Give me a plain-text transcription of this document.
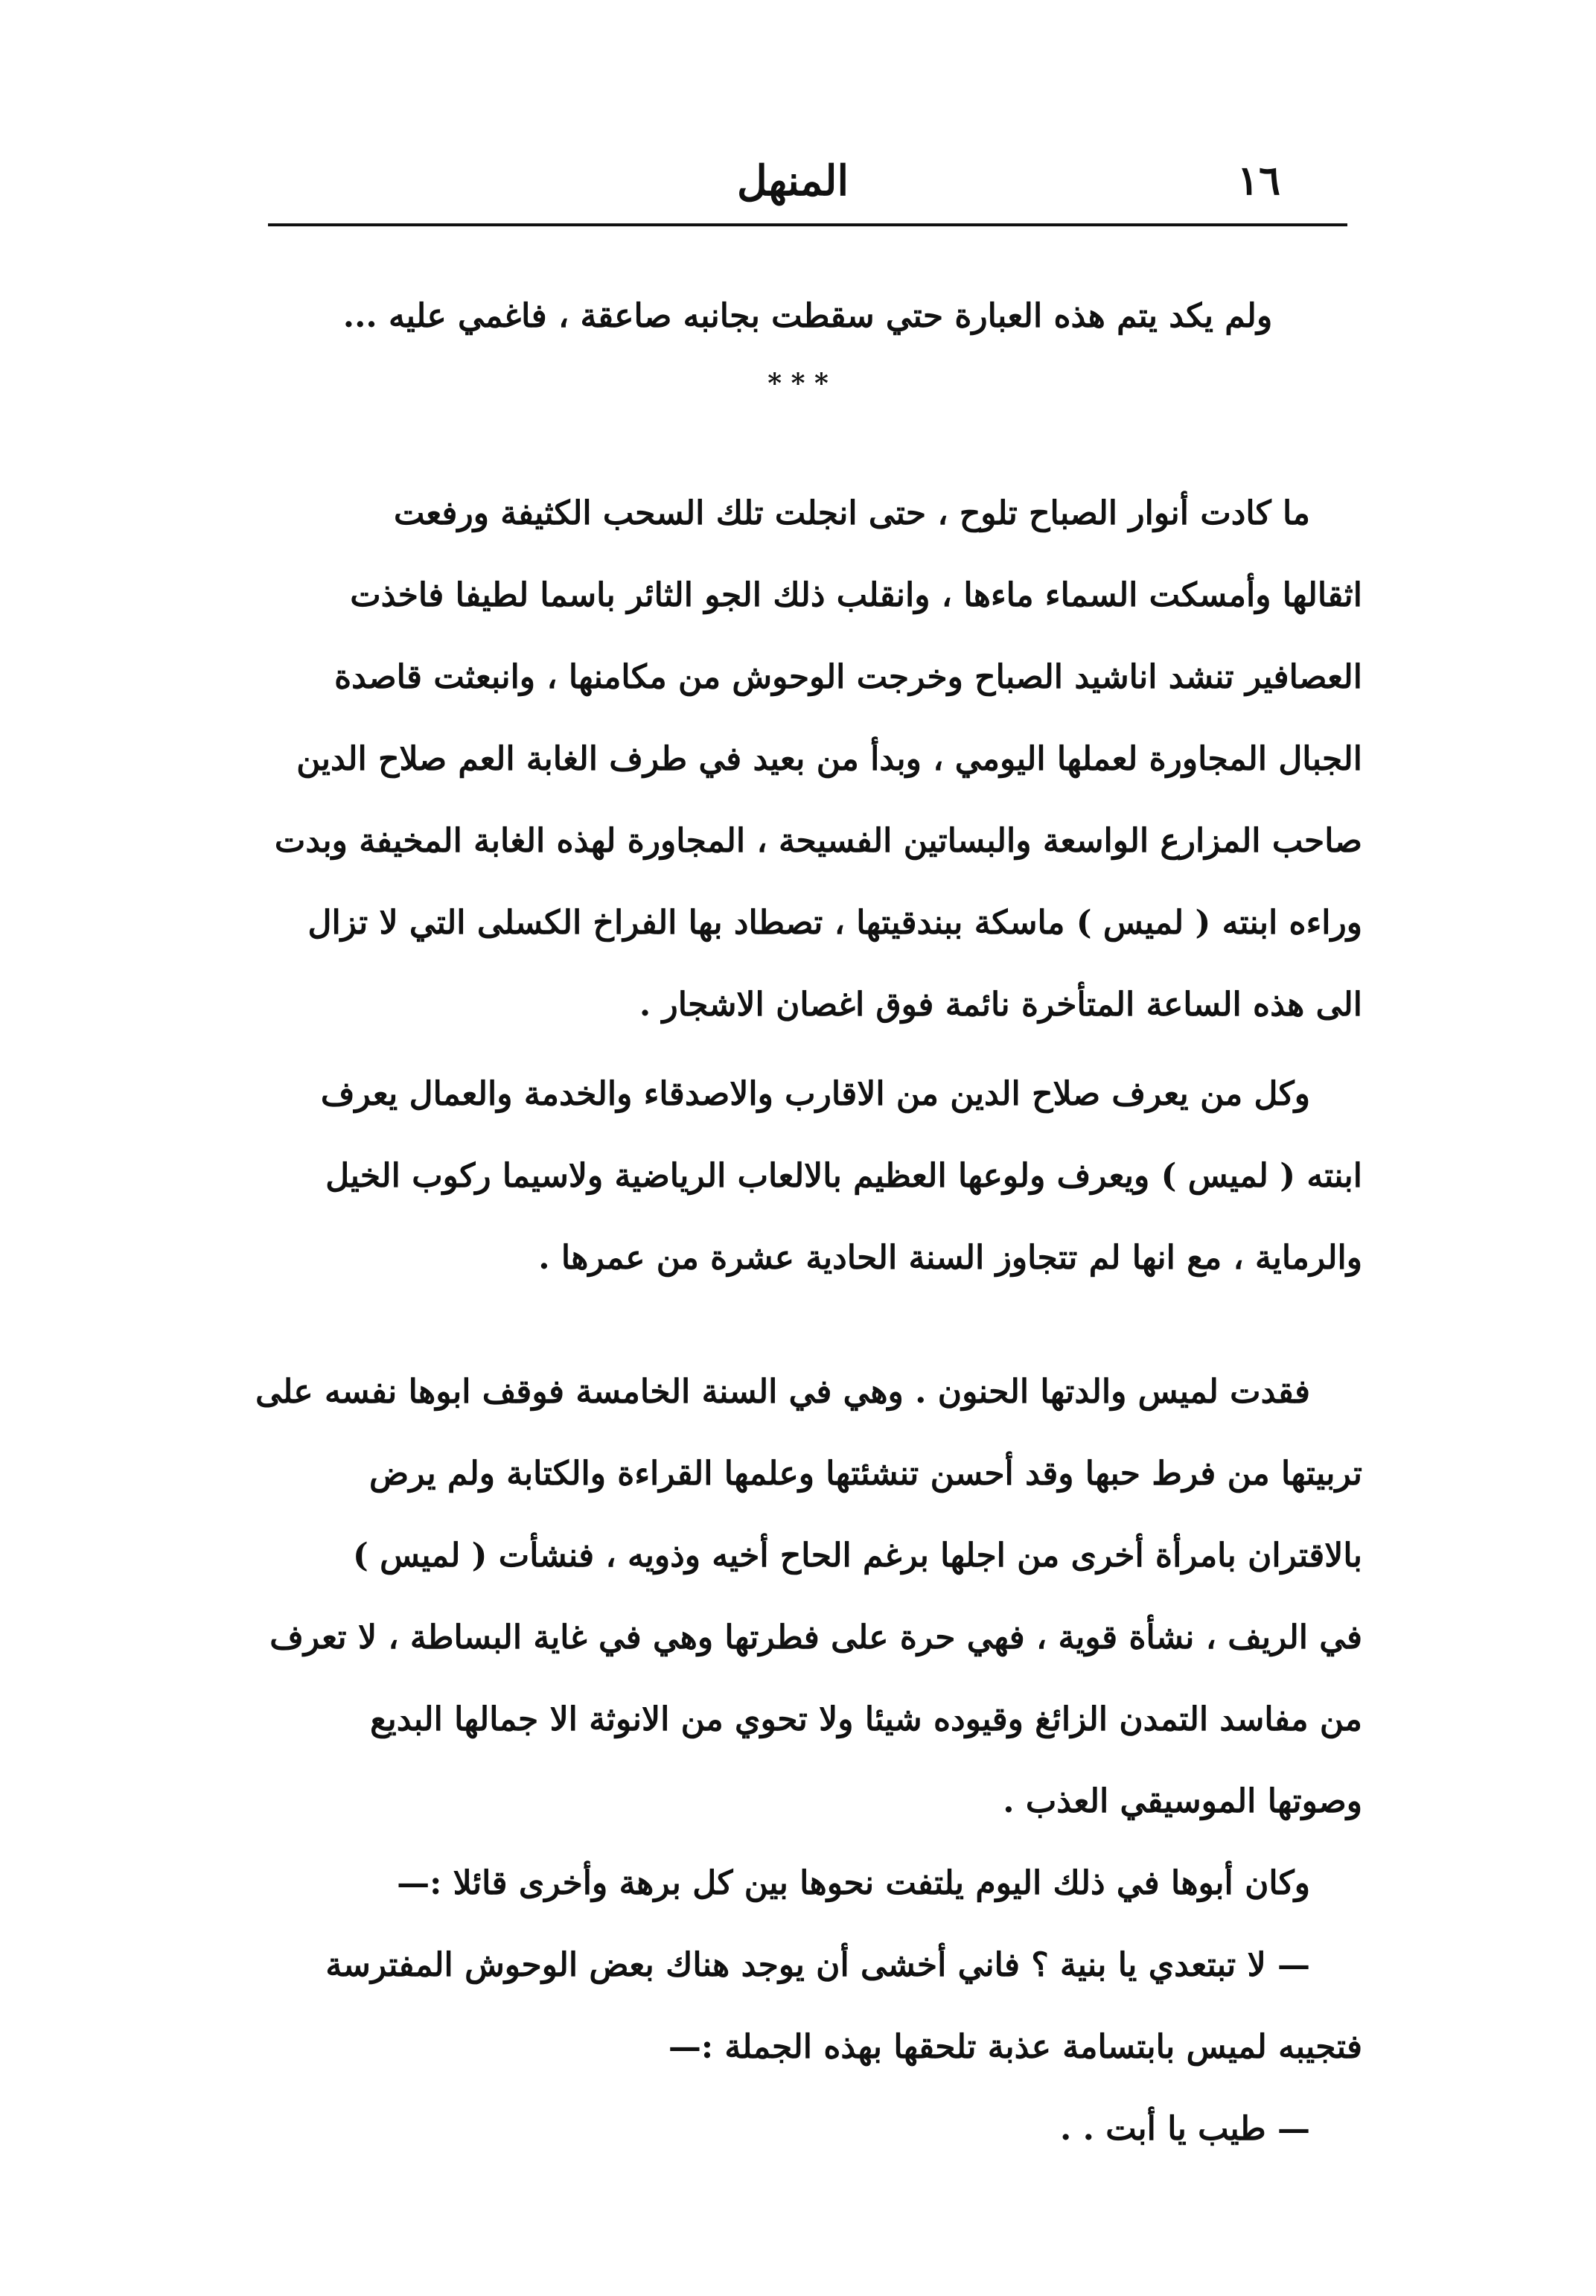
١٦
المنهل
ولم يكد يتم هذه العبارة حتي سقطت بجانبه صاعقة ، فاغمي عليه ...
* * *
ما كادت أنوار الصباح تلوح ، حتى انجلت تلك السحب الكثيفة ورفعت
اثقالها وأمسكت السماء ماءها ، وانقلب ذلك الجو الثائر باسما لطيفا فاخذت
العصافير تنشد اناشيد الصباح وخرجت الوحوش من مكامنها ، وانبعثت قاصدة
الجبال المجاورة لعملها اليومي ، وبدأ من بعيد في طرف الغابة العم صلاح الدين
صاحب المزارع الواسعة والبساتين الفسيحة ، المجاورة لهذه الغابة المخيفة وبدت
وراءه ابنته ( لميس ) ماسكة ببندقيتها ، تصطاد بها الفراخ الكسلى التي لا تزال
الى هذه الساعة المتأخرة نائمة فوق اغصان الاشجار .
وكل من يعرف صلاح الدين من الاقارب والاصدقاء والخدمة والعمال يعرف
ابنته ( لميس ) ويعرف ولوعها العظيم بالالعاب الرياضية ولاسيما ركوب الخيل
والرماية ، مع انها لم تتجاوز السنة الحادية عشرة من عمرها .
فقدت لميس والدتها الحنون . وهي في السنة الخامسة فوقف ابوها نفسه على
تربيتها من فرط حبها وقد أحسن تنشئتها وعلمها القراءة والكتابة ولم يرض
بالاقتران بامرأة أخرى من اجلها برغم الحاح أخيه وذويه ، فنشأت ( لميس )
في الريف ، نشأة قوية ، فهي حرة على فطرتها وهي في غاية البساطة ، لا تعرف
من مفاسد التمدن الزائغ وقيوده شيئا ولا تحوي من الانوثة الا جمالها البديع
وصوتها الموسيقي العذب .
وكان أبوها في ذلك اليوم يلتفت نحوها بين كل برهة وأخرى قائلا :—
— لا تبتعدي يا بنية ؟ فاني أخشى أن يوجد هناك بعض الوحوش المفترسة
فتجيبه لميس بابتسامة عذبة تلحقها بهذه الجملة :—
— طيب يا أبت . .
